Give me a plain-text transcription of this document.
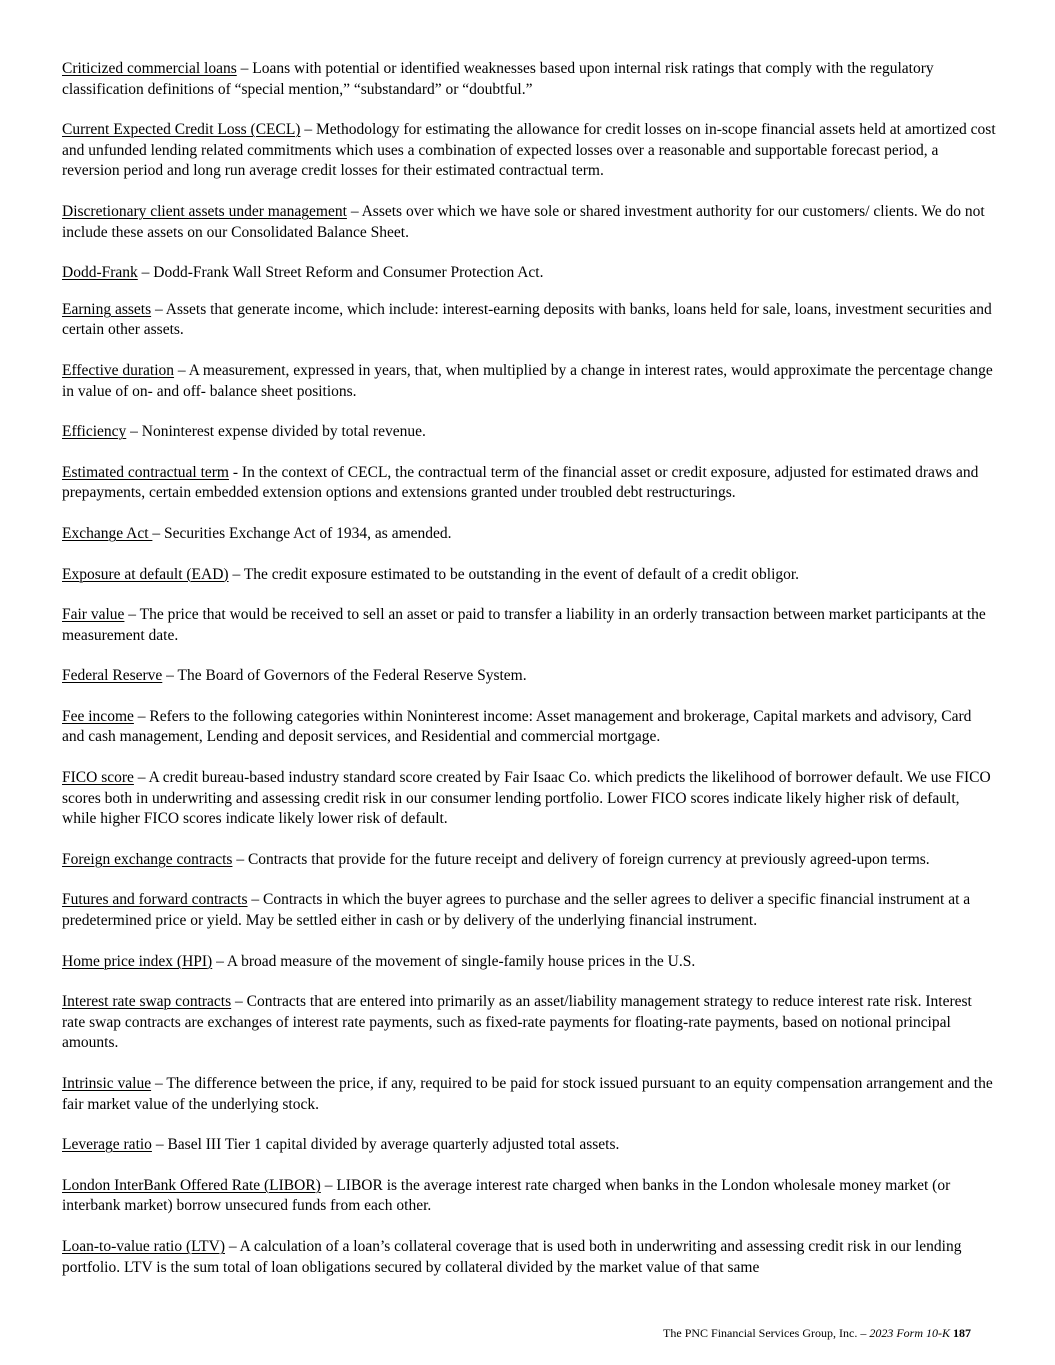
Criticized commercial loans – Loans with potential or identified weaknesses based upon internal risk ratings that comply with the regulatory classification definitions of “special mention,” “substandard” or “doubtful.”

Current Expected Credit Loss (CECL) – Methodology for estimating the allowance for credit losses on in-scope financial assets held at amortized cost and unfunded lending related commitments which uses a combination of expected losses over a reasonable and supportable forecast period, a reversion period and long run average credit losses for their estimated contractual term.

Discretionary client assets under management – Assets over which we have sole or shared investment authority for our customers/ clients. We do not include these assets on our Consolidated Balance Sheet.

Dodd-Frank – Dodd-Frank Wall Street Reform and Consumer Protection Act.

Earning assets – Assets that generate income, which include: interest-earning deposits with banks, loans held for sale, loans, investment securities and certain other assets.

Effective duration – A measurement, expressed in years, that, when multiplied by a change in interest rates, would approximate the percentage change in value of on- and off- balance sheet positions.

Efficiency – Noninterest expense divided by total revenue.

Estimated contractual term - In the context of CECL, the contractual term of the financial asset or credit exposure, adjusted for estimated draws and prepayments, certain embedded extension options and extensions granted under troubled debt restructurings.

Exchange Act – Securities Exchange Act of 1934, as amended.

Exposure at default (EAD) – The credit exposure estimated to be outstanding in the event of default of a credit obligor.

Fair value – The price that would be received to sell an asset or paid to transfer a liability in an orderly transaction between market participants at the measurement date.

Federal Reserve – The Board of Governors of the Federal Reserve System.

Fee income – Refers to the following categories within Noninterest income: Asset management and brokerage, Capital markets and advisory, Card and cash management, Lending and deposit services, and Residential and commercial mortgage.

FICO score – A credit bureau-based industry standard score created by Fair Isaac Co. which predicts the likelihood of borrower default. We use FICO scores both in underwriting and assessing credit risk in our consumer lending portfolio. Lower FICO scores indicate likely higher risk of default, while higher FICO scores indicate likely lower risk of default.

Foreign exchange contracts – Contracts that provide for the future receipt and delivery of foreign currency at previously agreed-upon terms.

Futures and forward contracts – Contracts in which the buyer agrees to purchase and the seller agrees to deliver a specific financial instrument at a predetermined price or yield. May be settled either in cash or by delivery of the underlying financial instrument.

Home price index (HPI) – A broad measure of the movement of single-family house prices in the U.S.

Interest rate swap contracts – Contracts that are entered into primarily as an asset/liability management strategy to reduce interest rate risk. Interest rate swap contracts are exchanges of interest rate payments, such as fixed-rate payments for floating-rate payments, based on notional principal amounts.

Intrinsic value – The difference between the price, if any, required to be paid for stock issued pursuant to an equity compensation arrangement and the fair market value of the underlying stock.

Leverage ratio – Basel III Tier 1 capital divided by average quarterly adjusted total assets.

London InterBank Offered Rate (LIBOR) – LIBOR is the average interest rate charged when banks in the London wholesale money market (or interbank market) borrow unsecured funds from each other.

Loan-to-value ratio (LTV) – A calculation of a loan’s collateral coverage that is used both in underwriting and assessing credit risk in our lending portfolio. LTV is the sum total of loan obligations secured by collateral divided by the market value of that same

The PNC Financial Services Group, Inc. – 2023 Form 10-K 187
